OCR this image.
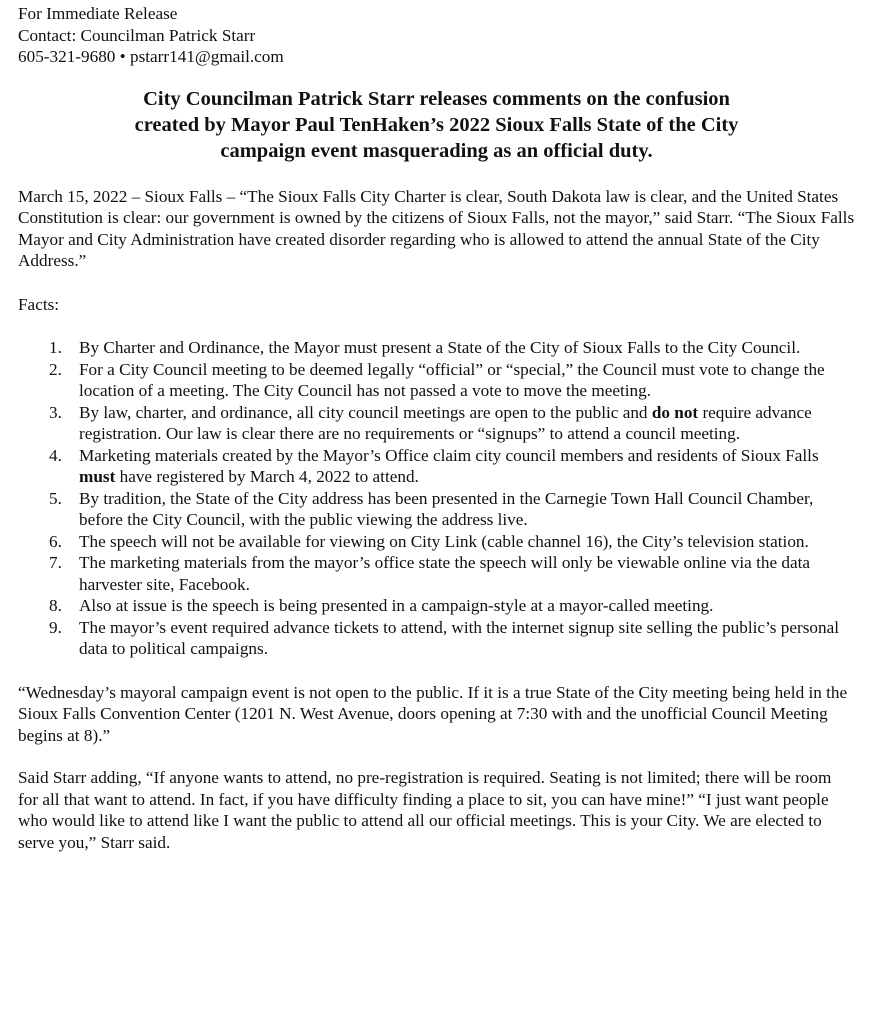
For Immediate Release

Contact: Councilman Patrick Starr

605-321-9680 • pstarr141@gmail.com

City Councilman Patrick Starr releases comments on the confusion
created by Mayor Paul TenHaken’s 2022 Sioux Falls State of the City
campaign event masquerading as an official duty.

March 15, 2022 – Sioux Falls – “The Sioux Falls City Charter is clear, South Dakota law is clear, and the United States Constitution is clear: our government is owned by the citizens of Sioux Falls, not the mayor,” said Starr. “The Sioux Falls Mayor and City Administration have created disorder regarding who is allowed to attend the annual State of the City Address.”

Facts:

1. By Charter and Ordinance, the Mayor must present a State of the City of Sioux Falls to the City Council.
2. For a City Council meeting to be deemed legally “official” or “special,” the Council must vote to change the location of a meeting. The City Council has not passed a vote to move the meeting.
3. By law, charter, and ordinance, all city council meetings are open to the public and do not require advance registration. Our law is clear there are no requirements or “signups” to attend a council meeting.
4. Marketing materials created by the Mayor’s Office claim city council members and residents of Sioux Falls must have registered by March 4, 2022 to attend.
5. By tradition, the State of the City address has been presented in the Carnegie Town Hall Council Chamber, before the City Council, with the public viewing the address live.
6. The speech will not be available for viewing on City Link (cable channel 16), the City’s television station.
7. The marketing materials from the mayor’s office state the speech will only be viewable online via the data harvester site, Facebook.
8. Also at issue is the speech is being presented in a campaign-style at a mayor-called meeting.
9. The mayor’s event required advance tickets to attend, with the internet signup site selling the public’s personal data to political campaigns.

“Wednesday’s mayoral campaign event is not open to the public. If it is a true State of the City meeting being held in the Sioux Falls Convention Center (1201 N. West Avenue, doors opening at 7:30 with and the unofficial Council Meeting begins at 8).”

Said Starr adding, “If anyone wants to attend, no pre-registration is required. Seating is not limited; there will be room for all that want to attend. In fact, if you have difficulty finding a place to sit, you can have mine!” “I just want people who would like to attend like I want the public to attend all our official meetings. This is your City. We are elected to serve you,” Starr said.
